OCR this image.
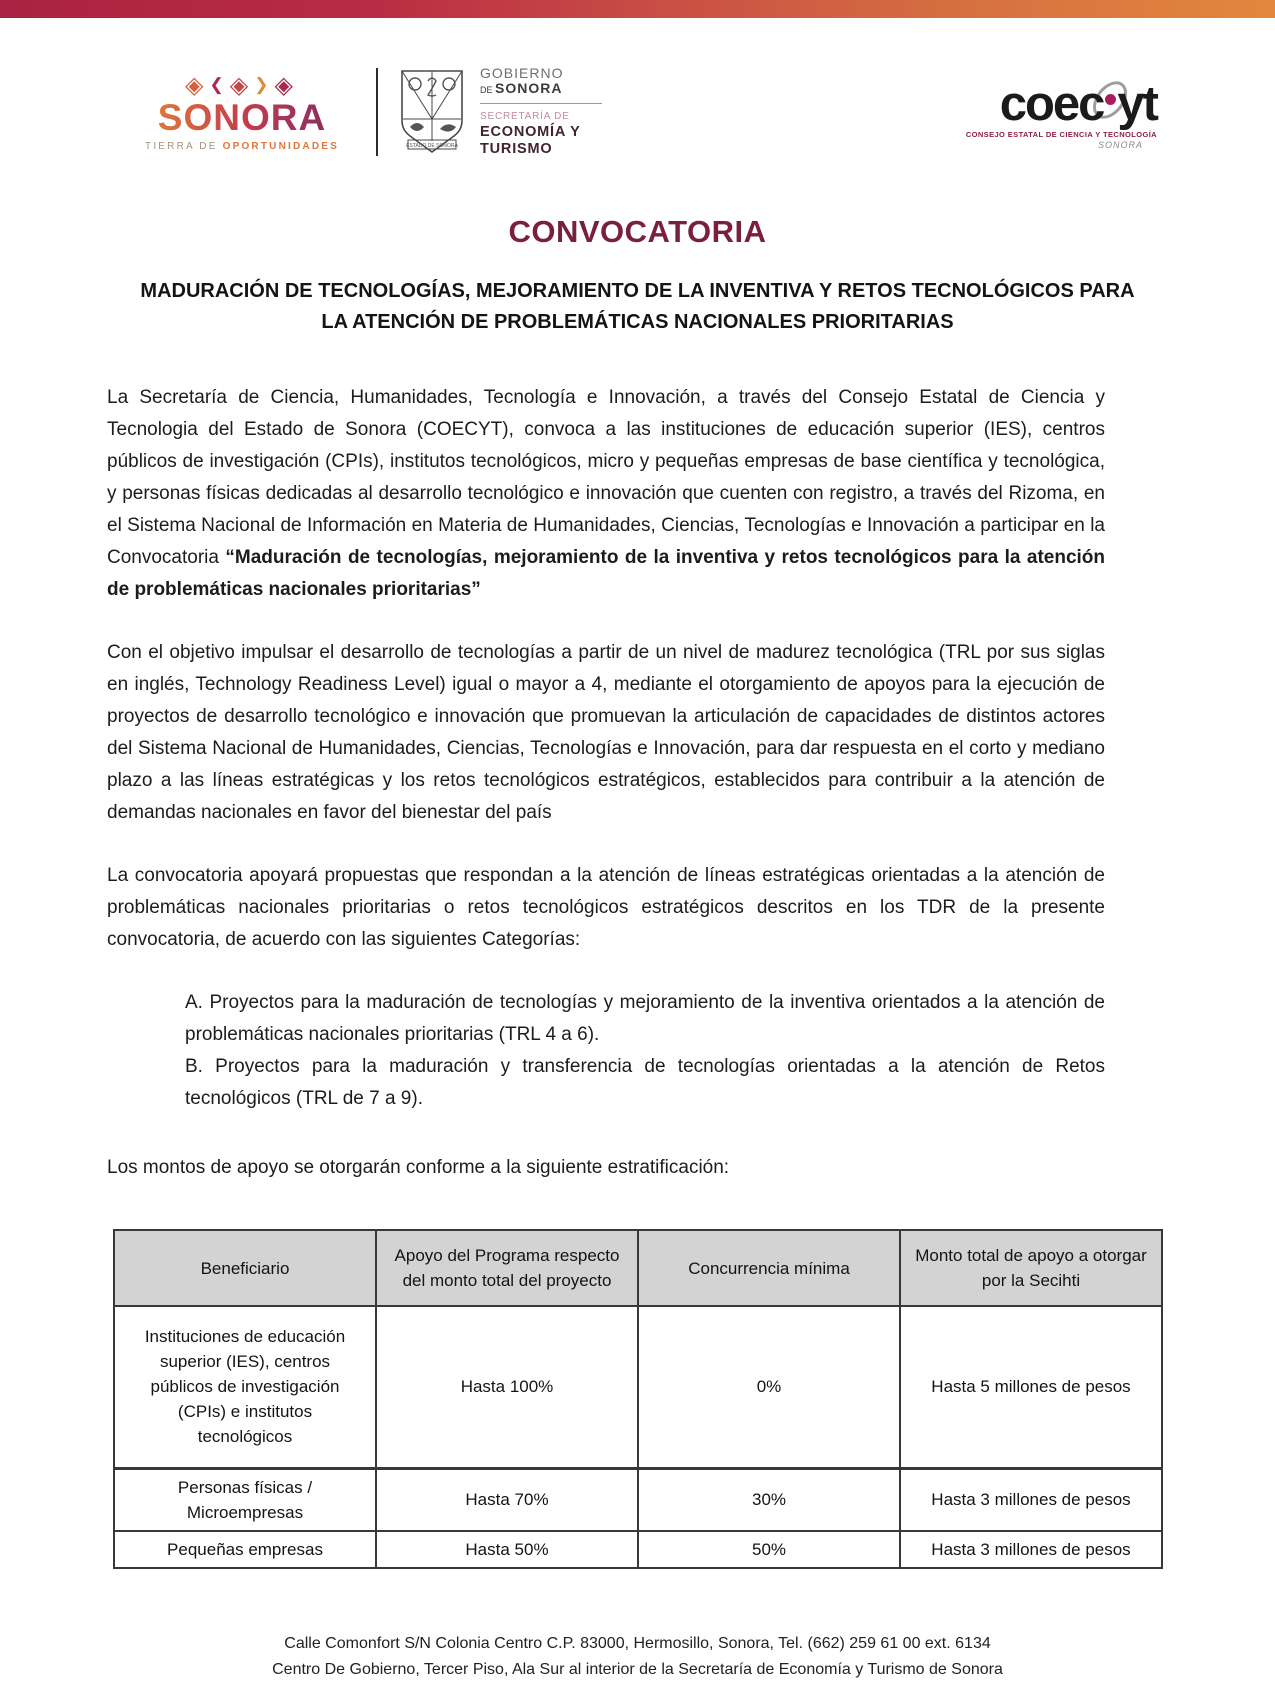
◈❮◈❯◈
SONORA
TIERRA DE OPORTUNIDADES	ESTADO DE SONORA
GOBIERNO
DE SONORA
SECRETARÍA DE
ECONOMÍA Y
TURISMO
coec yt
CONSEJO ESTATAL DE CIENCIA Y TECNOLOGÍA
SONORA
CONVOCATORIA
MADURACIÓN DE TECNOLOGÍAS, MEJORAMIENTO DE LA INVENTIVA Y RETOS TECNOLÓGICOS PARA LA ATENCIÓN DE PROBLEMÁTICAS NACIONALES PRIORITARIAS

La Secretaría de Ciencia, Humanidades, Tecnología e Innovación, a través del Consejo Estatal de Ciencia y Tecnologia del Estado de Sonora (COECYT), convoca a las instituciones de educación superior (IES), centros públicos de investigación (CPIs), institutos tecnológicos, micro y pequeñas empresas de base científica y tecnológica, y personas físicas dedicadas al desarrollo tecnológico e innovación que cuenten con registro, a través del Rizoma, en el Sistema Nacional de Información en Materia de Humanidades, Ciencias, Tecnologías e Innovación a participar en la Convocatoria “Maduración de tecnologías, mejoramiento de la inventiva y retos tecnológicos para la atención de problemáticas nacionales prioritarias”

Con el objetivo impulsar el desarrollo de tecnologías a partir de un nivel de madurez tecnológica (TRL por sus siglas en inglés, Technology Readiness Level) igual o mayor a 4, mediante el otorgamiento de apoyos para la ejecución de proyectos de desarrollo tecnológico e innovación que promuevan la articulación de capacidades de distintos actores del Sistema Nacional de Humanidades, Ciencias, Tecnologías e Innovación, para dar respuesta en el corto y mediano plazo a las líneas estratégicas y los retos tecnológicos estratégicos, establecidos para contribuir a la atención de demandas nacionales en favor del bienestar del país

La convocatoria apoyará propuestas que respondan a la atención de líneas estratégicas orientadas a la atención de problemáticas nacionales prioritarias o retos tecnológicos estratégicos descritos en los TDR de la presente convocatoria, de acuerdo con las siguientes Categorías:

A. Proyectos para la maduración de tecnologías y mejoramiento de la inventiva orientados a la atención de problemáticas nacionales prioritarias (TRL 4 a 6).

B. Proyectos para la maduración y transferencia de tecnologías orientadas a la atención de Retos tecnológicos (TRL de 7 a 9).

Los montos de apoyo se otorgarán conforme a la siguiente estratificación:

Beneficiario	Apoyo del Programa respecto del monto total del proyecto	Concurrencia mínima	Monto total de apoyo a otorgar por la Secihti
Instituciones de educación superior (IES), centros públicos de investigación (CPIs) e institutos tecnológicos	Hasta 100%	0%	Hasta 5 millones de pesos
Personas físicas / Microempresas	Hasta 70%	30%	Hasta 3 millones de pesos
Pequeñas empresas	Hasta 50%	50%	Hasta 3 millones de pesos
Calle Comonfort S/N Colonia Centro C.P. 83000, Hermosillo, Sonora, Tel. (662) 259 61 00 ext. 6134
Centro De Gobierno, Tercer Piso, Ala Sur al interior de la Secretaría de Economía y Turismo de Sonora
